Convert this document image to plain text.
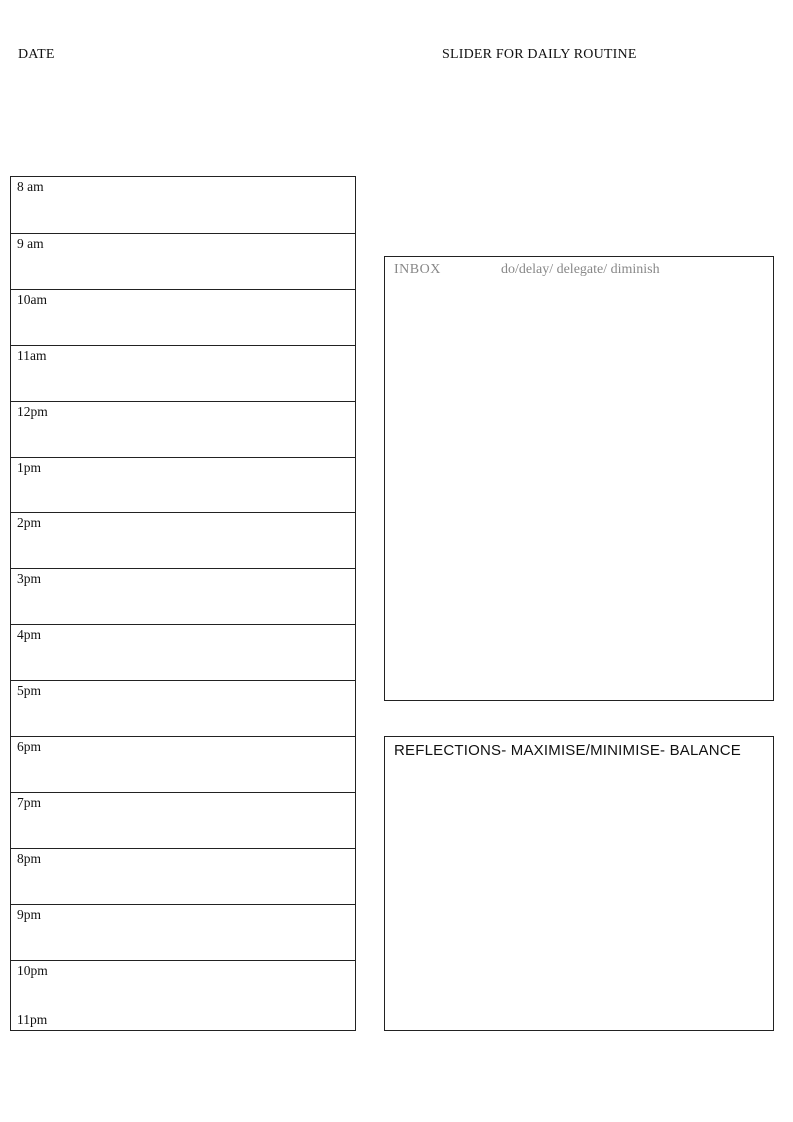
DATE	SLIDER FOR DAILY ROUTINE
8 am
9 am
10am
11am
12pm
1pm
2pm
3pm
4pm
5pm
6pm
7pm
8pm
9pm
10pm
11pm
INBOX	do/delay/ delegate/ diminish
REFLECTIONS- MAXIMISE/MINIMISE- BALANCE
